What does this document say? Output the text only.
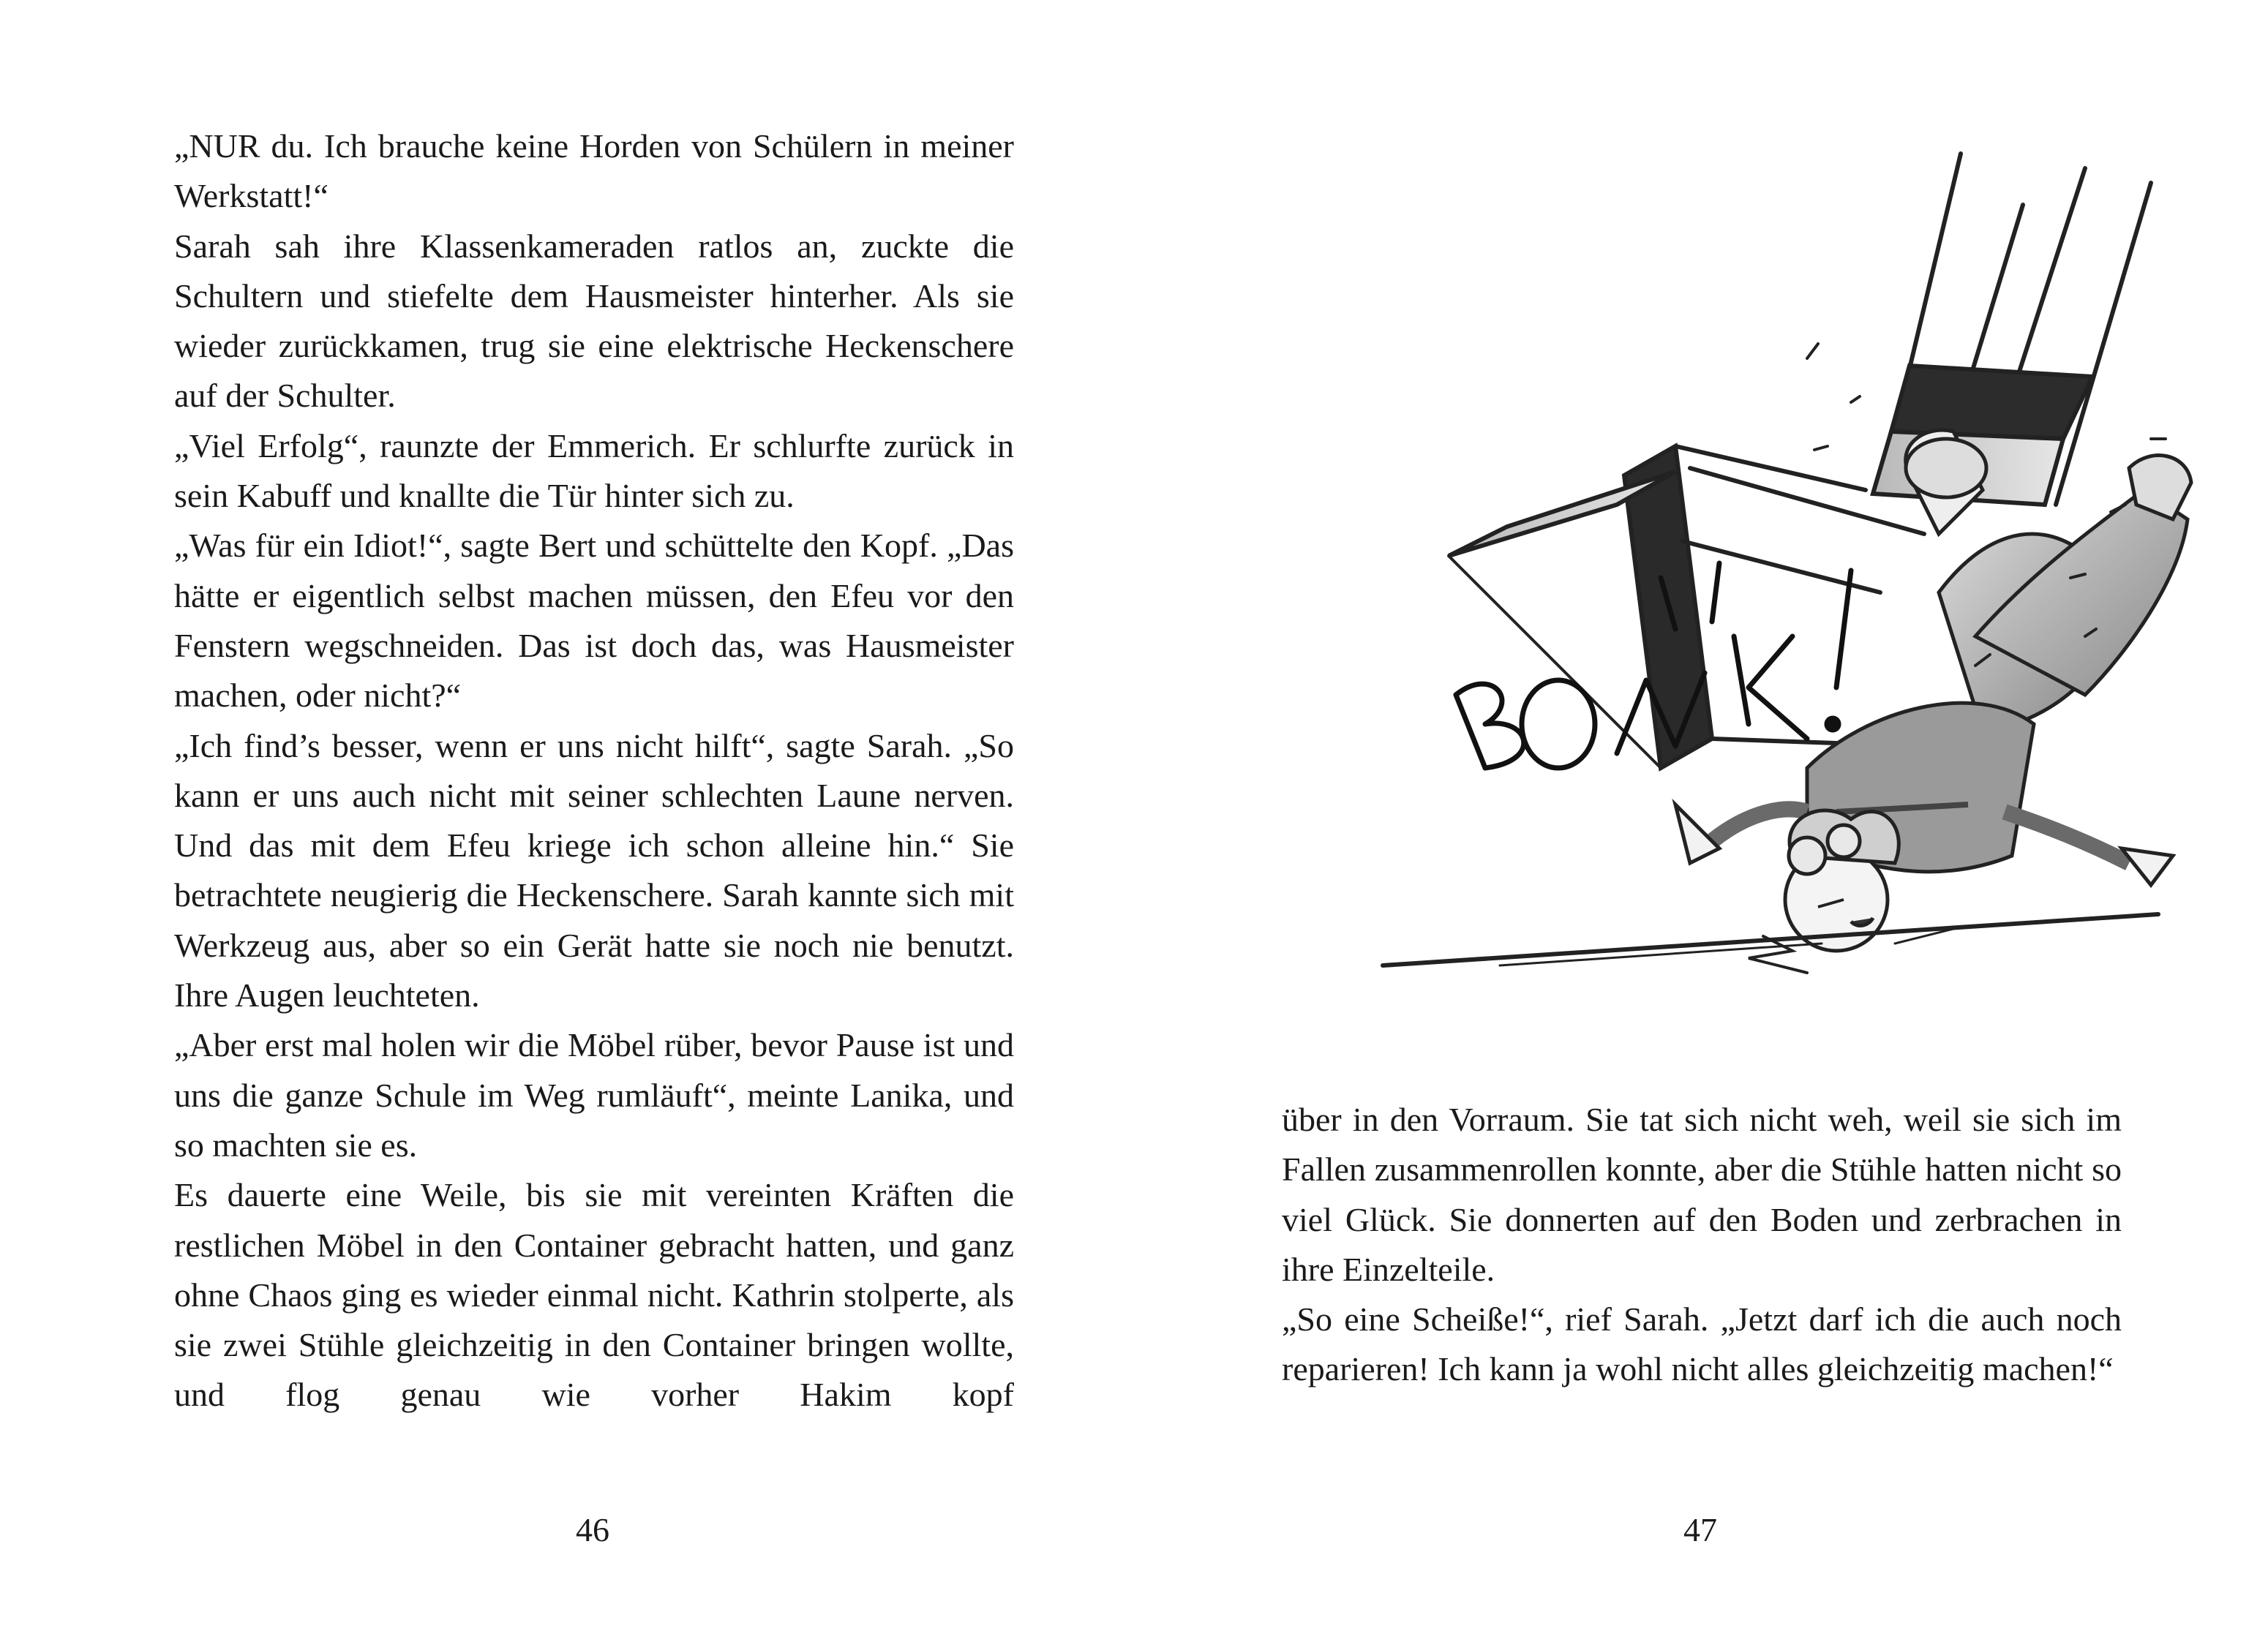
„NUR du. Ich brauche keine Horden von Schülern in meiner Werkstatt!“

Sarah sah ihre Klassenkameraden ratlos an, zuckte die Schultern und stiefelte dem Hausmeister hinterher. Als sie wieder zurückkamen, trug sie eine elektrische Heckenschere auf der Schulter.

„Viel Erfolg“, raunzte der Emmerich. Er schlurfte zurück in sein Kabuff und knallte die Tür hinter sich zu.

„Was für ein Idiot!“, sagte Bert und schüttelte den Kopf. „Das hätte er eigentlich selbst machen müssen, den Efeu vor den Fenstern wegschneiden. Das ist doch das, was Hausmeister machen, oder nicht?“

„Ich find’s besser, wenn er uns nicht hilft“, sagte Sarah. „So kann er uns auch nicht mit seiner schlechten Laune nerven. Und das mit dem Efeu kriege ich schon alleine hin.“ Sie betrachtete neugierig die Heckenschere. Sarah kannte sich mit Werkzeug aus, aber so ein Gerät hatte sie noch nie benutzt. Ihre Augen leuchteten.

„Aber erst mal holen wir die Möbel rüber, bevor Pause ist und uns die ganze Schule im Weg rumläuft“, meinte Lanika, und so machten sie es.

Es dauerte eine Weile, bis sie mit vereinten Kräften die restlichen Möbel in den Container gebracht hatten, und ganz ohne Chaos ging es wieder einmal nicht. Kathrin stolperte, als sie zwei Stühle gleichzeitig in den Container bringen wollte, und flog genau wie vorher Hakim kopf

46

über in den Vorraum. Sie tat sich nicht weh, weil sie sich im Fallen zusammenrollen konnte, aber die Stühle hatten nicht so viel Glück. Sie donnerten auf den Boden und zerbrachen in ihre Einzelteile.

„So eine Scheiße!“, rief Sarah. „Jetzt darf ich die auch noch reparieren! Ich kann ja wohl nicht alles gleichzeitig machen!“

47
